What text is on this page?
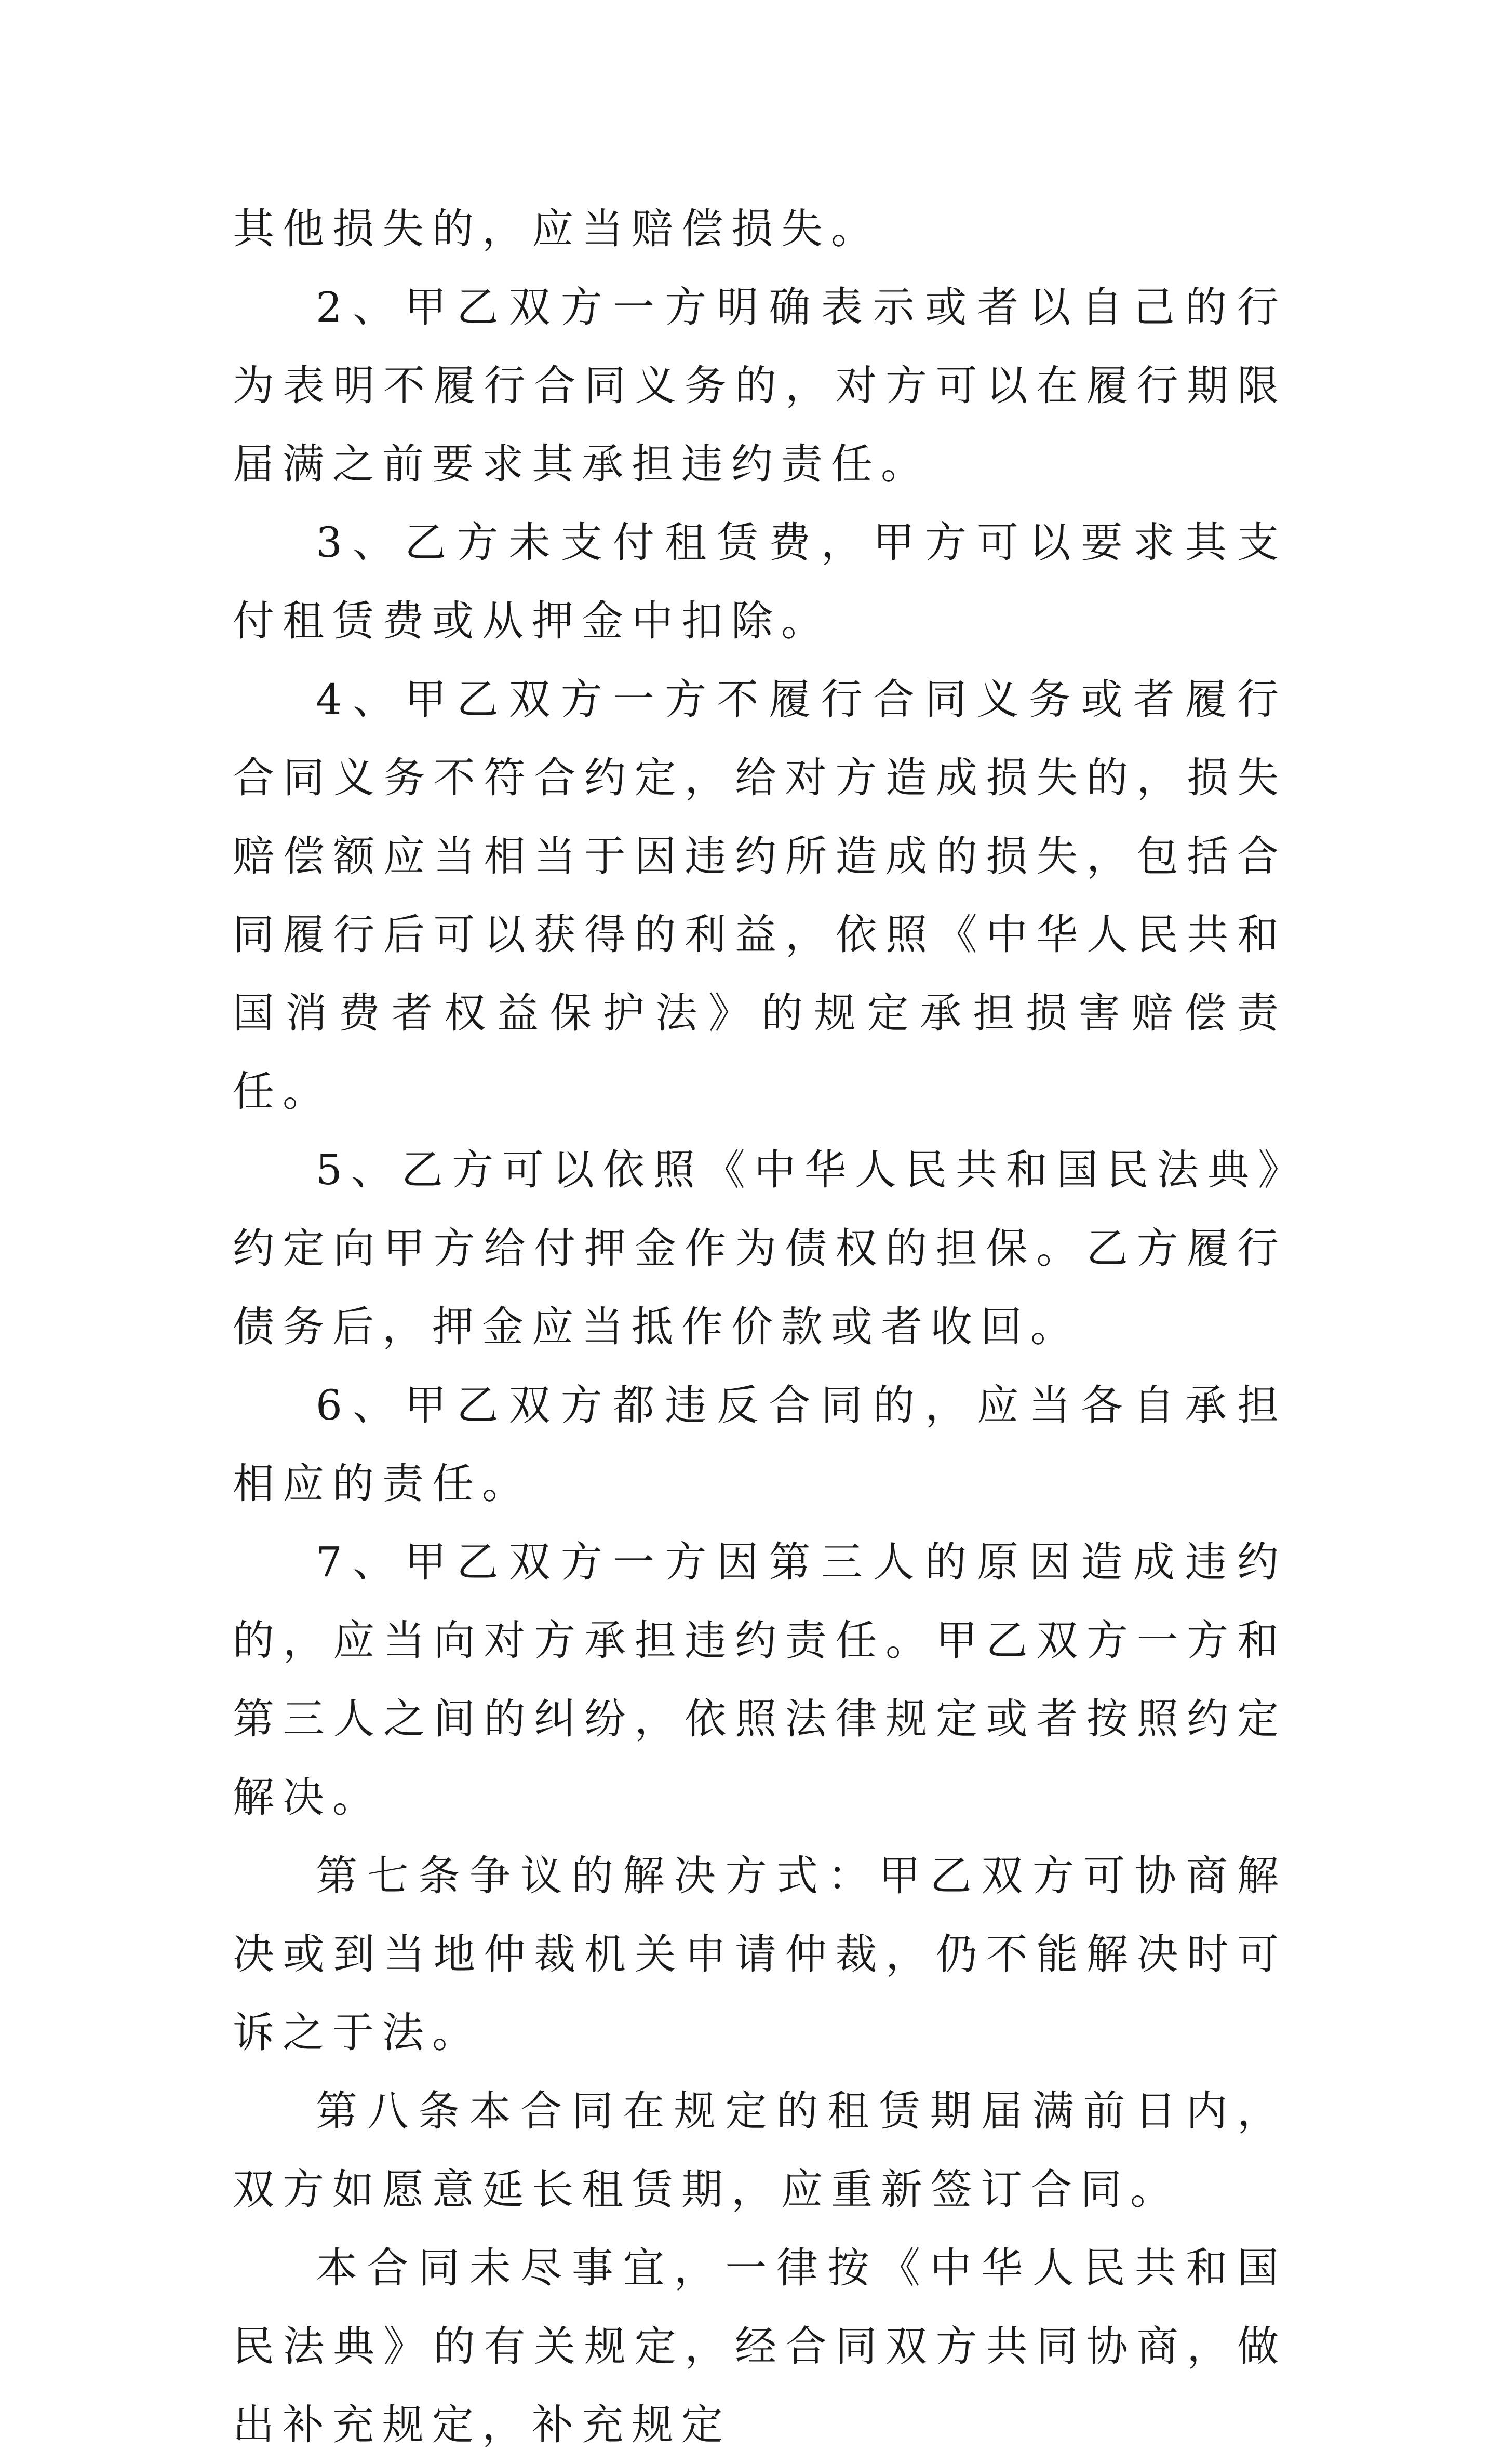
其他损失的，应当赔偿损失。

2、甲乙双方一方明确表示或者以自己的行为表明不履行合同义务的，对方可以在履行期限届满之前要求其承担违约责任。

3、乙方未支付租赁费，甲方可以要求其支付租赁费或从押金中扣除。

4、甲乙双方一方不履行合同义务或者履行合同义务不符合约定，给对方造成损失的，损失赔偿额应当相当于因违约所造成的损失，包括合同履行后可以获得的利益，依照《中华人民共和国消费者权益保护法》的规定承担损害赔偿责任。

5、乙方可以依照《中华人民共和国民法典》约定向甲方给付押金作为债权的担保。乙方履行债务后，押金应当抵作价款或者收回。

6、甲乙双方都违反合同的，应当各自承担相应的责任。

7、甲乙双方一方因第三人的原因造成违约的，应当向对方承担违约责任。甲乙双方一方和第三人之间的纠纷，依照法律规定或者按照约定解决。

第七条争议的解决方式：甲乙双方可协商解决或到当地仲裁机关申请仲裁，仍不能解决时可诉之于法。

第八条本合同在规定的租赁期届满前日内，双方如愿意延长租赁期，应重新签订合同。

本合同未尽事宜，一律按《中华人民共和国民法典》的有关规定，经合同双方共同协商，做出补充规定，补充规定
